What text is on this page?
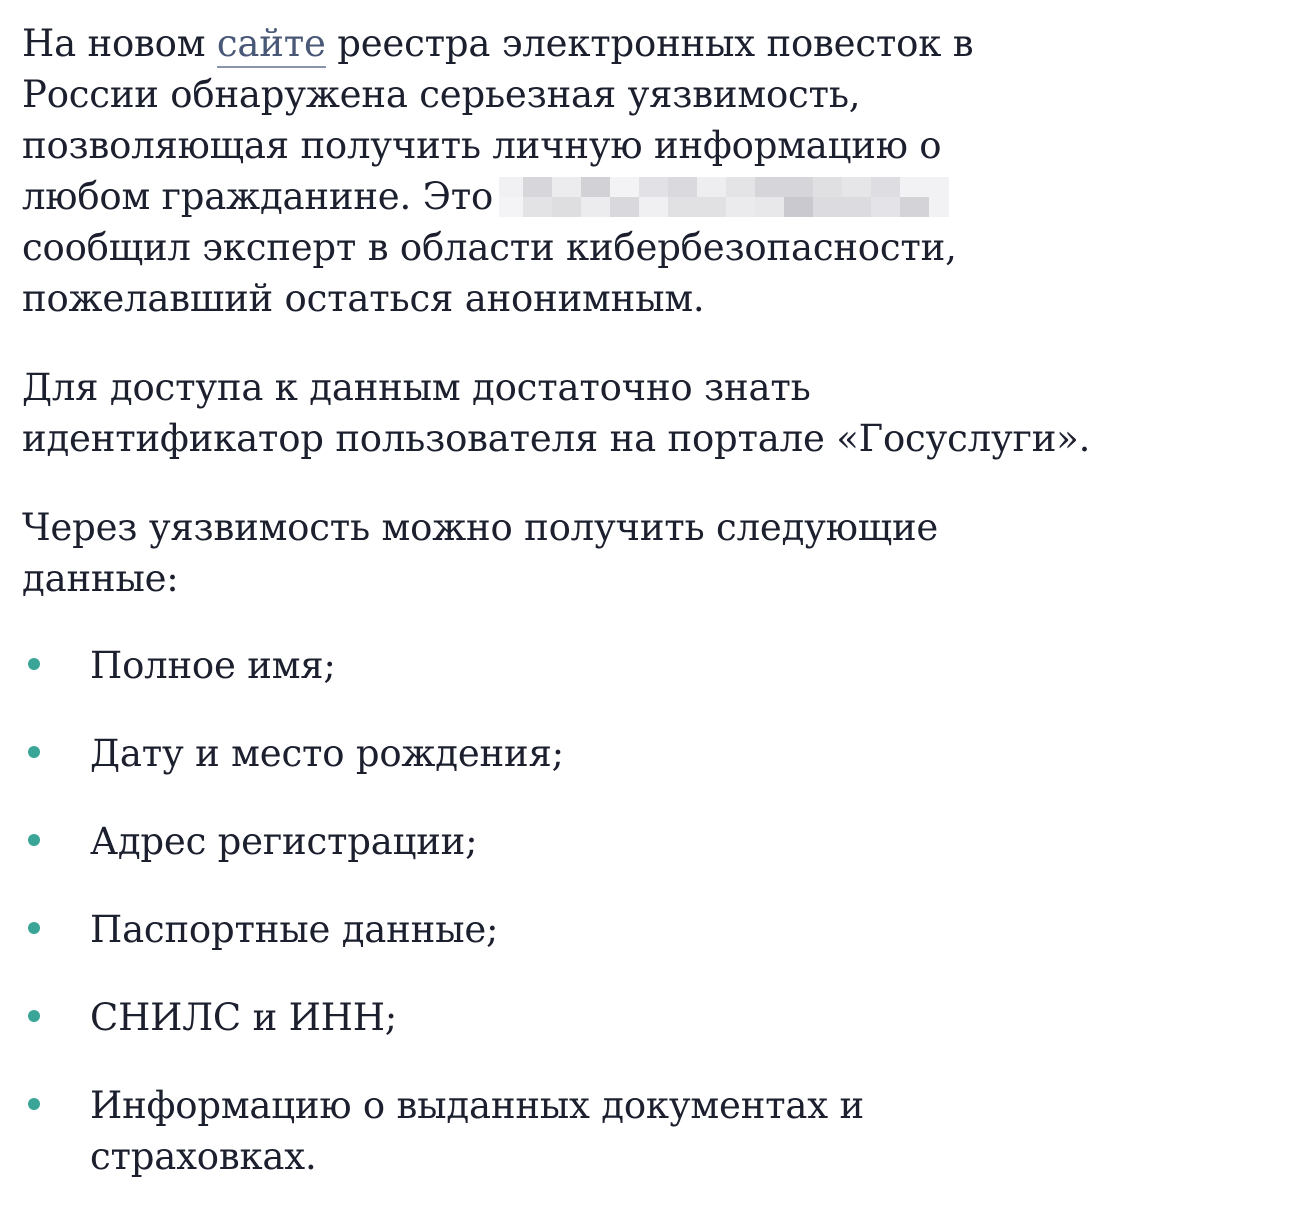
На новом сайте реестра электронных повесток в России обнаружена серьезная уязвимость, позволяющая получить личную информацию о любом гражданине. Это

сообщил эксперт в области кибербезопасности, пожелавший остаться анонимным.

Для доступа к данным достаточно знать идентификатор пользователя на портале «Госуслуги».

Через уязвимость можно получить следующие данные:

Полное имя;
Дату и место рождения;
Адрес регистрации;
Паспортные данные;
СНИЛС и ИНН;
Информацию о выданных документах и страховках.
